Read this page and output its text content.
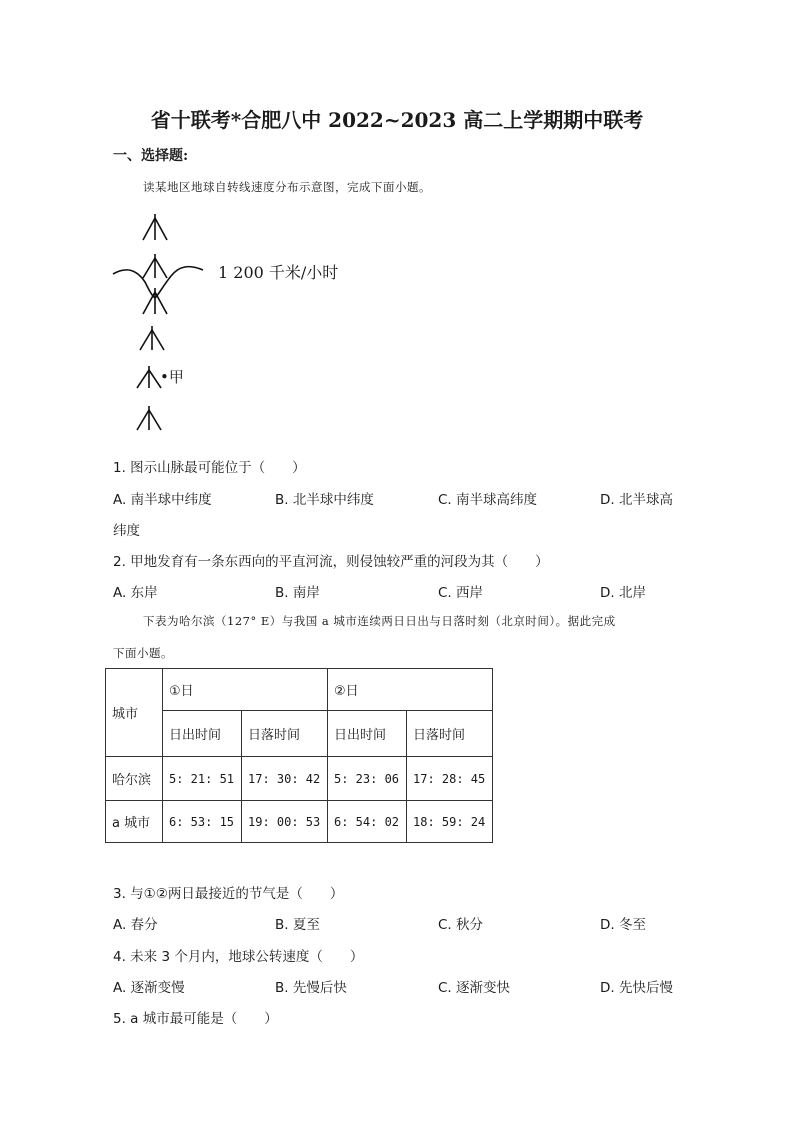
省十联考*合肥八中 2022~2023 高二上学期期中联考
一、选择题:
读某地区地球自转线速度分布示意图，完成下面小题。
1 200 千米/小时
•甲
1. 图示山脉最可能位于（　　）
A. 南半球中纬度	B. 北半球中纬度	C. 南半球高纬度	D. 北半球高
纬度
2. 甲地发育有一条东西向的平直河流，则侵蚀较严重的河段为其（　　）
A. 东岸	B. 南岸	C. 西岸	D. 北岸
下表为哈尔滨（127° E）与我国 a 城市连续两日日出与日落时刻（北京时间）。据此完成
下面小题。
城市	①日		②日	
	日出时间	日落时间	日出时间	日落时间
哈尔滨	5: 21: 51	17: 30: 42	5: 23: 06	17: 28: 45
a 城市	6: 53: 15	19: 00: 53	6: 54: 02	18: 59: 24
3. 与①②两日最接近的节气是（　　）
A. 春分	B. 夏至	C. 秋分	D. 冬至
4. 未来 3 个月内，地球公转速度（　　）
A. 逐渐变慢	B. 先慢后快	C. 逐渐变快	D. 先快后慢
5. a 城市最可能是（　　）
